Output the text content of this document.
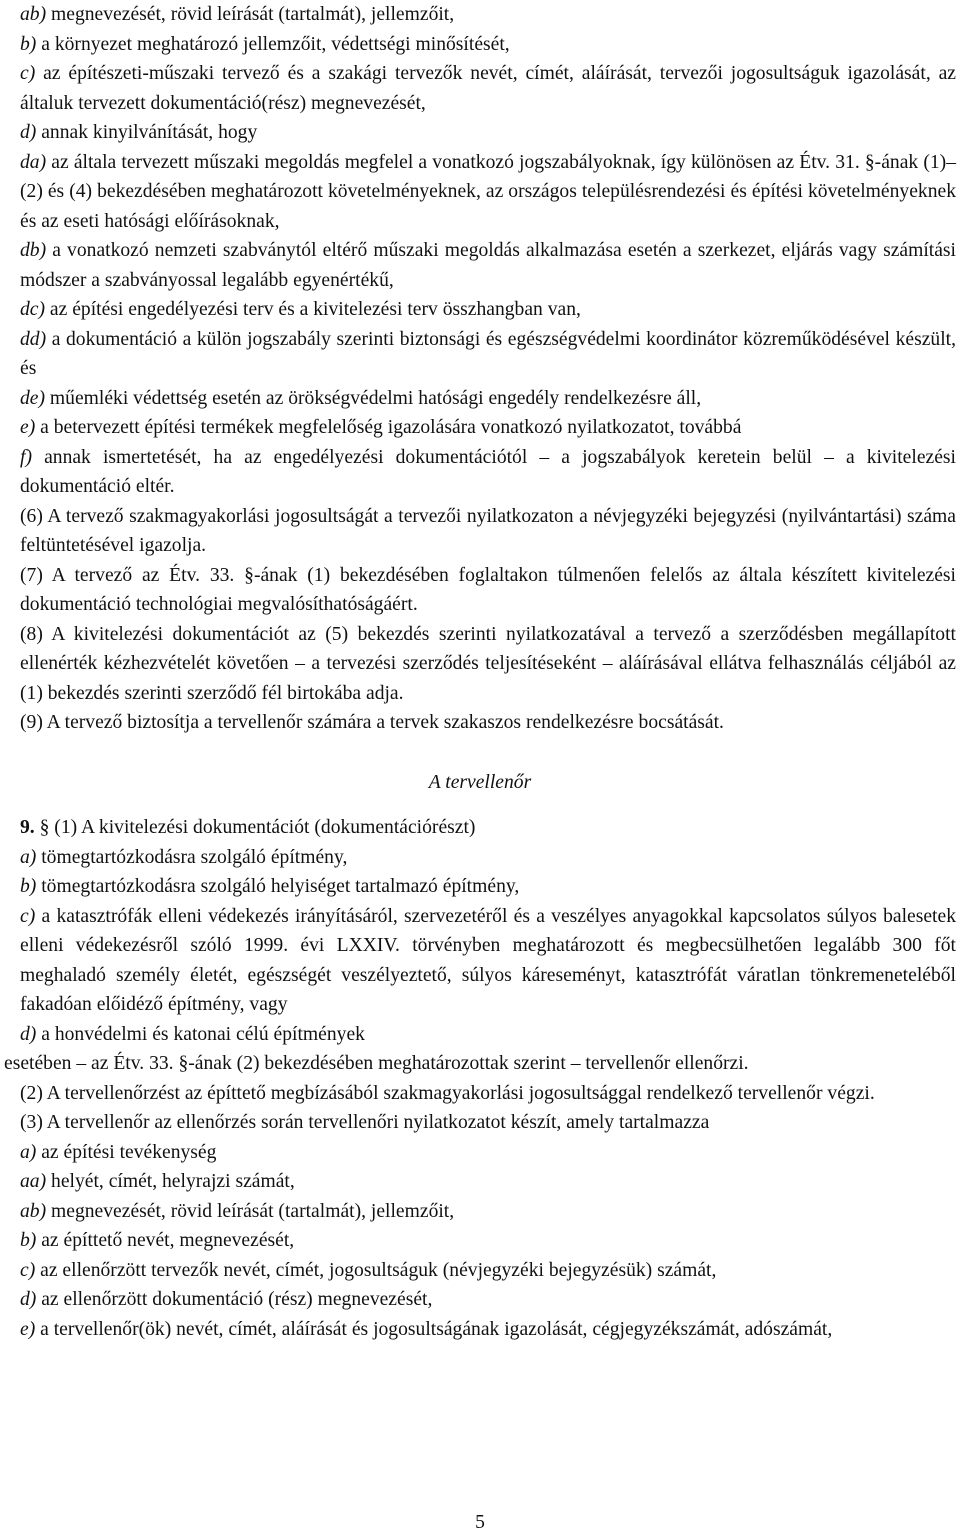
ab) megnevezését, rövid leírását (tartalmát), jellemzőit,

b) a környezet meghatározó jellemzőit, védettségi minősítését,

c) az építészeti-műszaki tervező és a szakági tervezők nevét, címét, aláírását, tervezői jogosultságuk igazolását, az általuk tervezett dokumentáció(rész) megnevezését,

d) annak kinyilvánítását, hogy

da) az általa tervezett műszaki megoldás megfelel a vonatkozó jogszabályoknak, így különösen az Étv. 31. §-ának (1)–(2) és (4) bekezdésében meghatározott követelményeknek, az országos településrendezési és építési követelményeknek és az eseti hatósági előírásoknak,

db) a vonatkozó nemzeti szabványtól eltérő műszaki megoldás alkalmazása esetén a szerkezet, eljárás vagy számítási módszer a szabványossal legalább egyenértékű,

dc) az építési engedélyezési terv és a kivitelezési terv összhangban van,

dd) a dokumentáció a külön jogszabály szerinti biztonsági és egészségvédelmi koordinátor közreműködésével készült, és

de) műemléki védettség esetén az örökségvédelmi hatósági engedély rendelkezésre áll,

e) a betervezett építési termékek megfelelőség igazolására vonatkozó nyilatkozatot, továbbá

f) annak ismertetését, ha az engedélyezési dokumentációtól – a jogszabályok keretein belül – a kivitelezési dokumentáció eltér.

(6) A tervező szakmagyakorlási jogosultságát a tervezői nyilatkozaton a névjegyzéki bejegyzési (nyilvántartási) száma feltüntetésével igazolja.

(7) A tervező az Étv. 33. §-ának (1) bekezdésében foglaltakon túlmenően felelős az általa készített kivitelezési dokumentáció technológiai megvalósíthatóságáért.

(8) A kivitelezési dokumentációt az (5) bekezdés szerinti nyilatkozatával a tervező a szerződésben megállapított ellenérték kézhezvételét követően – a tervezési szerződés teljesítéseként – aláírásával ellátva felhasználás céljából az (1) bekezdés szerinti szerződő fél birtokába adja.

(9) A tervező biztosítja a tervellenőr számára a tervek szakaszos rendelkezésre bocsátását.

A tervellenőr

9. § (1) A kivitelezési dokumentációt (dokumentációrészt)

a) tömegtartózkodásra szolgáló építmény,

b) tömegtartózkodásra szolgáló helyiséget tartalmazó építmény,

c) a katasztrófák elleni védekezés irányításáról, szervezetéről és a veszélyes anyagokkal kapcsolatos súlyos balesetek elleni védekezésről szóló 1999. évi LXXIV. törvényben meghatározott és megbecsülhetően legalább 300 főt meghaladó személy életét, egészségét veszélyeztető, súlyos káreseményt, katasztrófát váratlan tönkremeneteléből fakadóan előidéző építmény, vagy

d) a honvédelmi és katonai célú építmények

esetében – az Étv. 33. §-ának (2) bekezdésében meghatározottak szerint – tervellenőr ellenőrzi.

(2) A tervellenőrzést az építtető megbízásából szakmagyakorlási jogosultsággal rendelkező tervellenőr végzi.

(3) A tervellenőr az ellenőrzés során tervellenőri nyilatkozatot készít, amely tartalmazza

a) az építési tevékenység

aa) helyét, címét, helyrajzi számát,

ab) megnevezését, rövid leírását (tartalmát), jellemzőit,

b) az építtető nevét, megnevezését,

c) az ellenőrzött tervezők nevét, címét, jogosultságuk (névjegyzéki bejegyzésük) számát,

d) az ellenőrzött dokumentáció (rész) megnevezését,

e) a tervellenőr(ök) nevét, címét, aláírását és jogosultságának igazolását, cégjegyzékszámát, adószámát,

5
